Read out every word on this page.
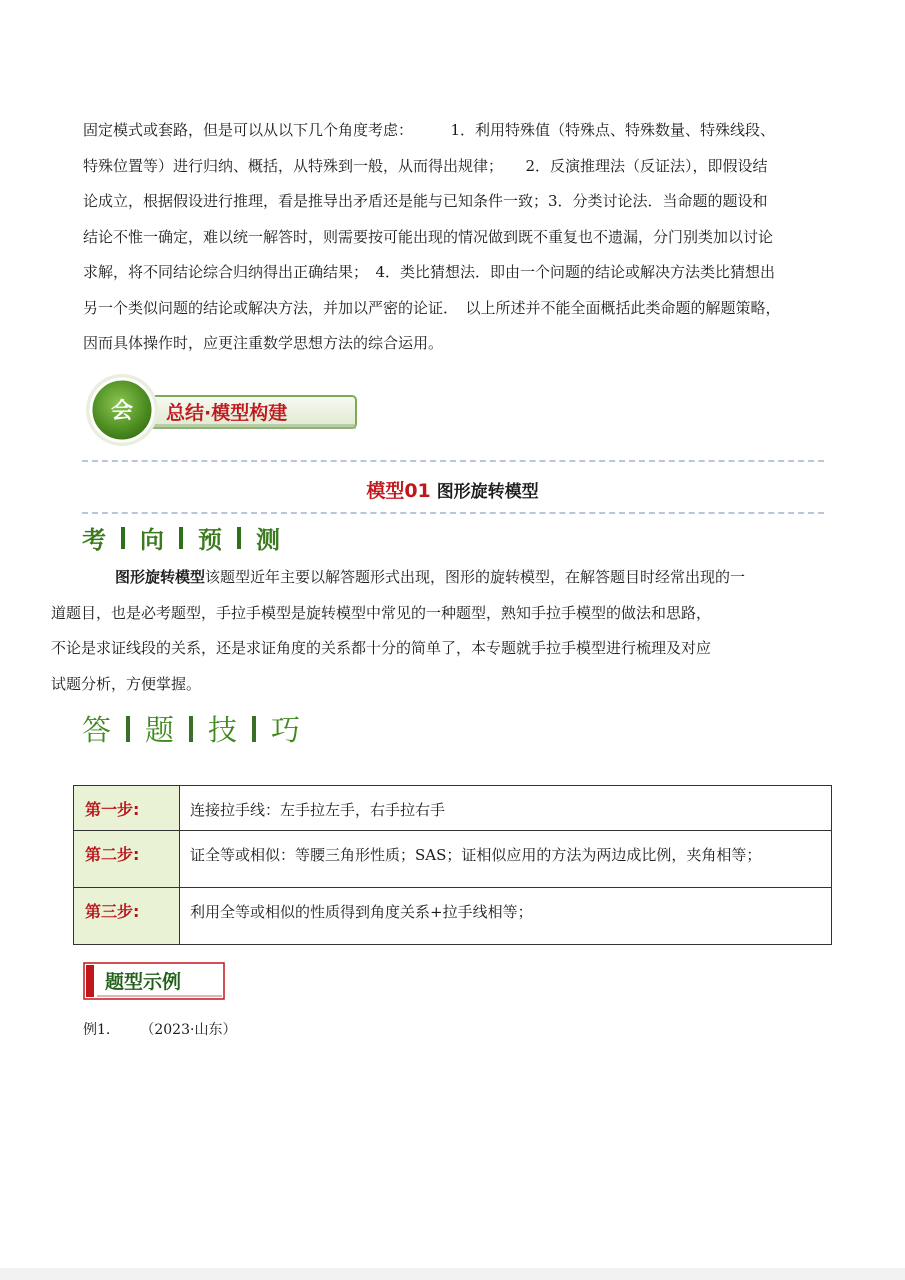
固定模式或套路，但是可以从以下几个角度考虑：　　　1．利用特殊值（特殊点、特殊数量、特殊线段、
特殊位置等）进行归纳、概括，从特殊到一般，从而得出规律；　　2．反演推理法（反证法），即假设结
论成立，根据假设进行推理，看是推导出矛盾还是能与已知条件一致；3．分类讨论法．当命题的题设和
结论不惟一确定，难以统一解答时，则需要按可能出现的情况做到既不重复也不遗漏，分门别类加以讨论
求解，将不同结论综合归纳得出正确结果；　4．类比猜想法．即由一个问题的结论或解决方法类比猜想出
另一个类似问题的结论或解决方法，并加以严密的论证．　以上所述并不能全面概括此类命题的解题策略，
因而具体操作时，应更注重数学思想方法的综合运用。
会 总结·模型构建
模型01 图形旋转模型
考 向 预 测
图形旋转模型该题型近年主要以解答题形式出现，图形的旋转模型，在解答题目时经常出现的一
道题目，也是必考题型，手拉手模型是旋转模型中常见的一种题型，熟知手拉手模型的做法和思路，
不论是求证线段的关系，还是求证角度的关系都十分的简单了，本专题就手拉手模型进行梳理及对应
试题分析，方便掌握。
答 题 技 巧
第一步:	连接拉手线：左手拉左手，右手拉右手
第二步:	证全等或相似：等腰三角形性质；SAS；证相似应用的方法为两边成比例，夹角相等；
第三步:	利用全等或相似的性质得到角度关系+拉手线相等；
题型示例
例1. （2023·山东）
